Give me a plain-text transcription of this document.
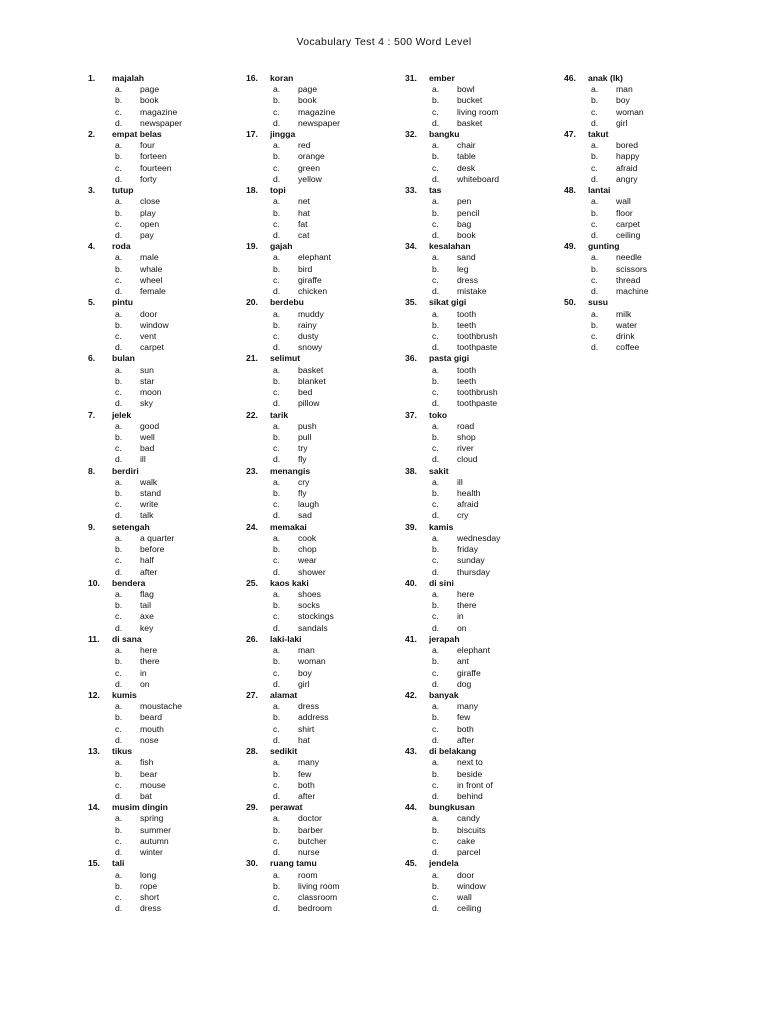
Vocabulary Test 4 : 500 Word Level
1. majalah
a. page
b. book
c. magazine
d. newspaper
2. empat belas
a. four
b. forteen
c. fourteen
d. forty
3. tutup
a. close
b. play
c. open
d. pay
4. roda
a. male
b. whale
c. wheel
d. female
5. pintu
a. door
b. window
c. vent
d. carpet
6. bulan
a. sun
b. star
c. moon
d. sky
7. jelek
a. good
b. well
c. bad
d. ill
8. berdiri
a. walk
b. stand
c. write
d. talk
9. setengah
a. a quarter
b. before
c. half
d. after
10. bendera
a. flag
b. tail
c. axe
d. key
11. di sana
a. here
b. there
c. in
d. on
12. kumis
a. moustache
b. beard
c. mouth
d. nose
13. tikus
a. fish
b. bear
c. mouse
d. bat
14. musim dingin
a. spring
b. summer
c. autumn
d. winter
15. tali
a. long
b. rope
c. short
d. dress
16. koran
a. page
b. book
c. magazine
d. newspaper
17. jingga
a. red
b. orange
c. green
d. yellow
18. topi
a. net
b. hat
c. fat
d. cat
19. gajah
a. elephant
b. bird
c. giraffe
d. chicken
20. berdebu
a. muddy
b. rainy
c. dusty
d. snowy
21. selimut
a. basket
b. blanket
c. bed
d. pillow
22. tarik
a. push
b. pull
c. try
d. fly
23. menangis
a. cry
b. fly
c. laugh
d. sad
24. memakai
a. cook
b. chop
c. wear
d. shower
25. kaos kaki
a. shoes
b. socks
c. stockings
d. sandals
26. laki-laki
a. man
b. woman
c. boy
d. girl
27. alamat
a. dress
b. address
c. shirt
d. hat
28. sedikit
a. many
b. few
c. both
d. after
29. perawat
a. doctor
b. barber
c. butcher
d. nurse
30. ruang tamu
a. room
b. living room
c. classroom
d. bedroom
31. ember
a. bowl
b. bucket
c. living room
d. basket
32. bangku
a. chair
b. table
c. desk
d. whiteboard
33. tas
a. pen
b. pencil
c. bag
d. book
34. kesalahan
a. sand
b. leg
c. dress
d. mistake
35. sikat gigi
a. tooth
b. teeth
c. toothbrush
d. toothpaste
36. pasta gigi
a. tooth
b. teeth
c. toothbrush
d. toothpaste
37. toko
a. road
b. shop
c. river
d. cloud
38. sakit
a. ill
b. health
c. afraid
d. cry
39. kamis
a. wednesday
b. friday
c. sunday
d. thursday
40. di sini
a. here
b. there
c. in
d. on
41. jerapah
a. elephant
b. ant
c. giraffe
d. dog
42. banyak
a. many
b. few
c. both
d. after
43. di belakang
a. next to
b. beside
c. in front of
d. behind
44. bungkusan
a. candy
b. biscuits
c. cake
d. parcel
45. jendela
a. door
b. window
c. wall
d. ceiling
46. anak (lk)
a. man
b. boy
c. woman
d. girl
47. takut
a. bored
b. happy
c. afraid
d. angry
48. lantai
a. wall
b. floor
c. carpet
d. ceiling
49. gunting
a. needle
b. scissors
c. thread
d. machine
50. susu
a. milk
b. water
c. drink
d. coffee
